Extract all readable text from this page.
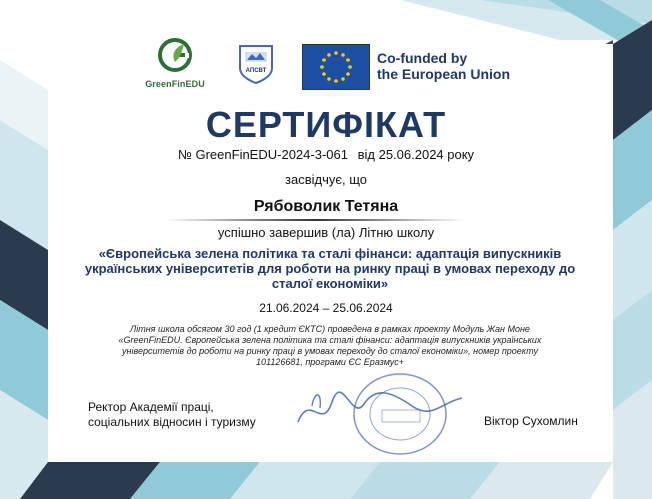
GreenFinEDU
АПСВТ
Co-funded by
the European Union
СЕРТИФІКАТ
№ GreenFinEDU-2024-3-061 від 25.06.2024 року
засвідчує, що
Рябоволик Тетяна
успішно завершив (ла) Літню школу
«Європейська зелена політика та сталі фінанси: адаптація випускників українських університетів для роботи на ринку праці в умовах переходу до сталої економіки»
21.06.2024 – 25.06.2024
Літня школа обсягом 30 год (1 кредит ЄКТС) проведена в рамках проекту Модуль Жан Моне «GreenFinEDU. Європейська зелена політика та сталі фінанси: адаптація випускників українських університетів до роботи на ринку праці в умовах переходу до сталої економіки», номер проекту 101126681, програми ЄС Еразмус+
Ректор Академії праці,
соціальних відносин і туризму	Віктор Сухомлин
